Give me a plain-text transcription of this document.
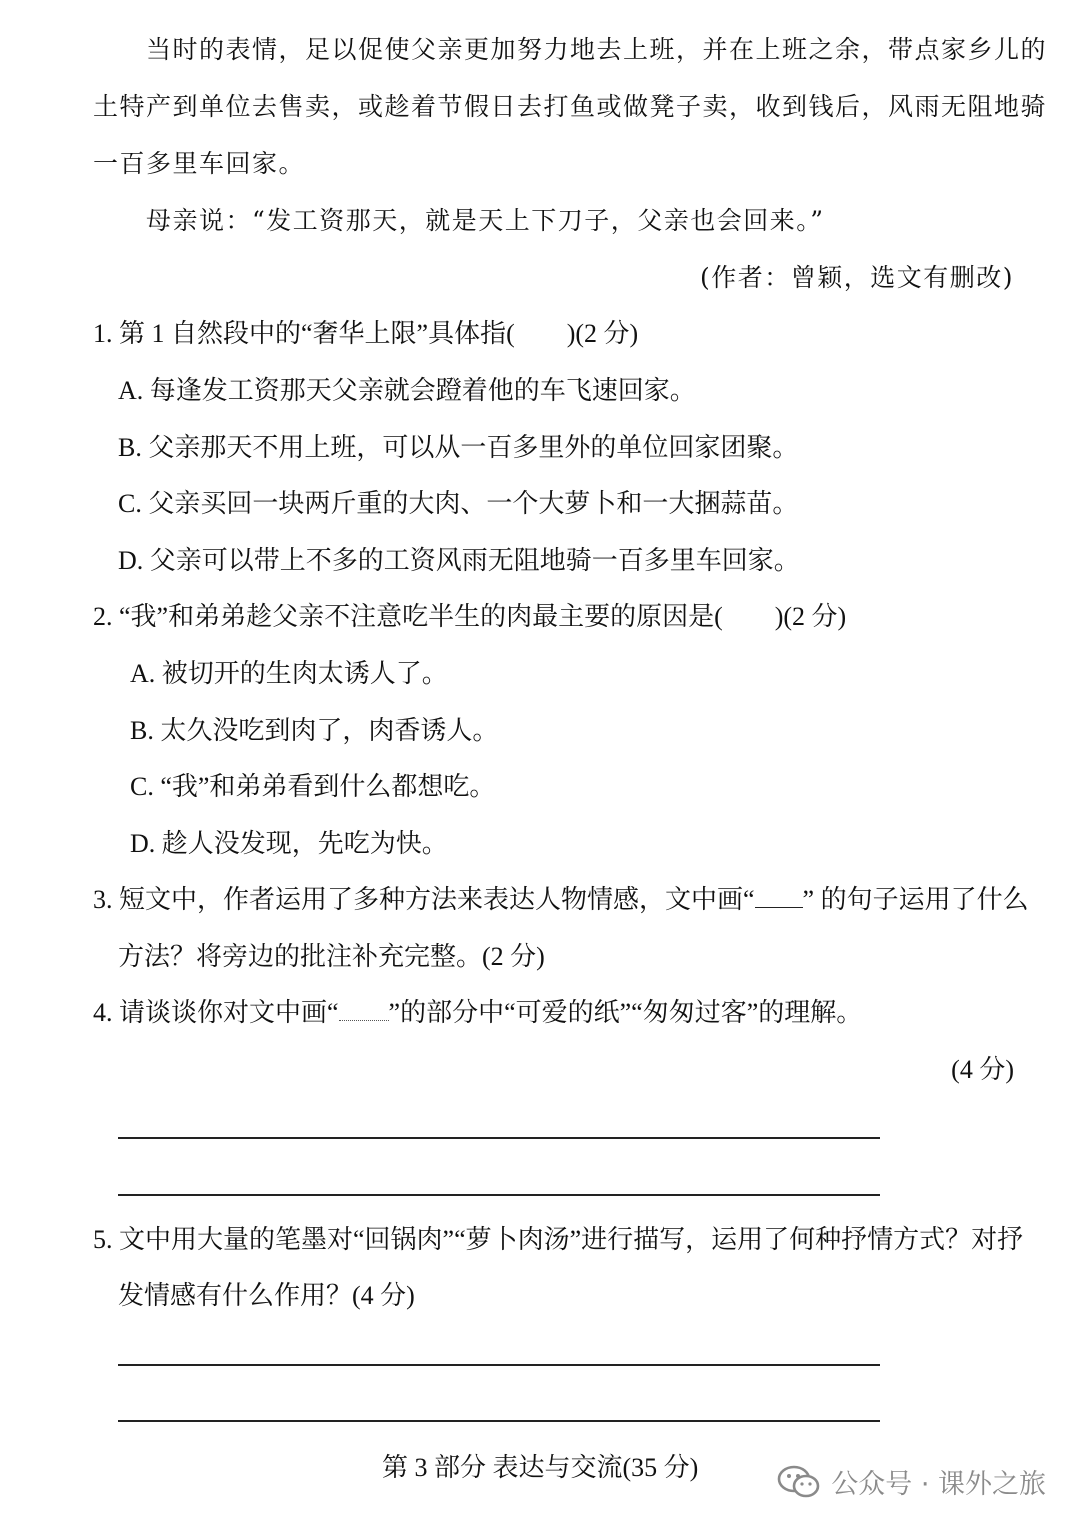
当时的表情，足以促使父亲更加努力地去上班，并在上班之余，带点家乡儿的
土特产到单位去售卖，或趁着节假日去打鱼或做凳子卖，收到钱后，风雨无阻地骑
一百多里车回家。
母亲说：“发工资那天，就是天上下刀子，父亲也会回来。”
(作者：曾颖，选文有删改)
1. 第 1 自然段中的“奢华上限”具体指(　　)(2 分)
A. 每逢发工资那天父亲就会蹬着他的车飞速回家。
B. 父亲那天不用上班，可以从一百多里外的单位回家团聚。
C. 父亲买回一块两斤重的大肉、一个大萝卜和一大捆蒜苗。
D. 父亲可以带上不多的工资风雨无阻地骑一百多里车回家。
2. “我”和弟弟趁父亲不注意吃半生的肉最主要的原因是(　　)(2 分)
A. 被切开的生肉太诱人了。
B. 太久没吃到肉了，肉香诱人。
C. “我”和弟弟看到什么都想吃。
D. 趁人没发现，先吃为快。
3. 短文中，作者运用了多种方法来表达人物情感，文中画“ ” 的句子运用了什么
方法？将旁边的批注补充完整。(2 分)
4. 请谈谈你对文中画“ ”的部分中“可爱的纸”“匆匆过客”的理解。
(4 分)
5. 文中用大量的笔墨对“回锅肉”“萝卜肉汤”进行描写，运用了何种抒情方式？对抒
发情感有什么作用？(4 分)
第 3 部分 表达与交流(35 分)
公众号 · 课外之旅
